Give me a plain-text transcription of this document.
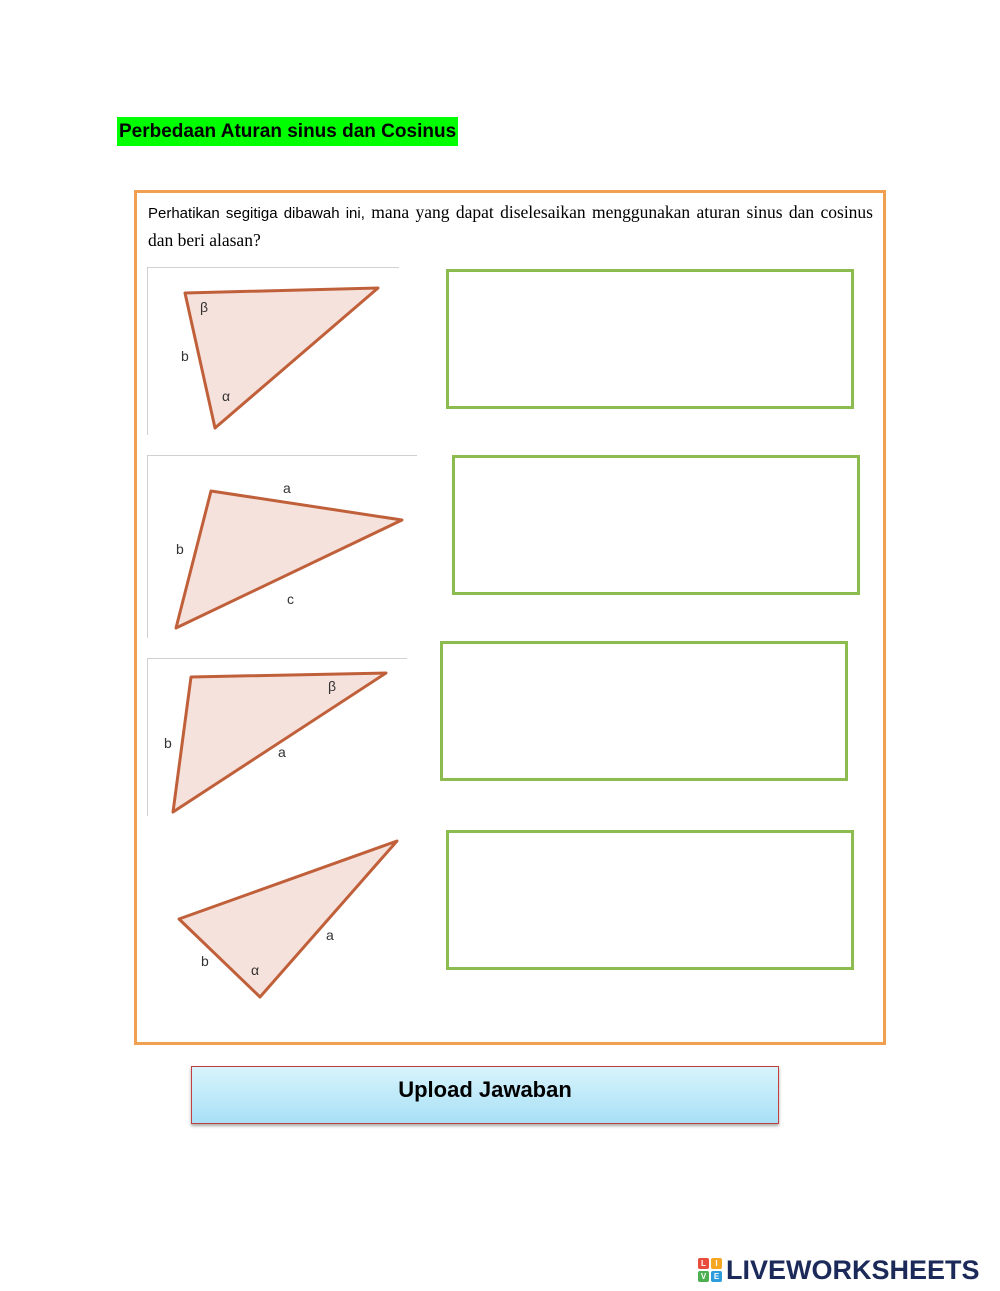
Perbedaan Aturan sinus dan Cosinus
Perhatikan segitiga dibawah ini, mana yang dapat diselesaikan menggunakan aturan sinus dan cosinus dan beri alasan?
β
b
α
a
b
c
β
b
a
b
α
a
Upload Jawaban
L	I
V E LIVEWORKSHEETS
